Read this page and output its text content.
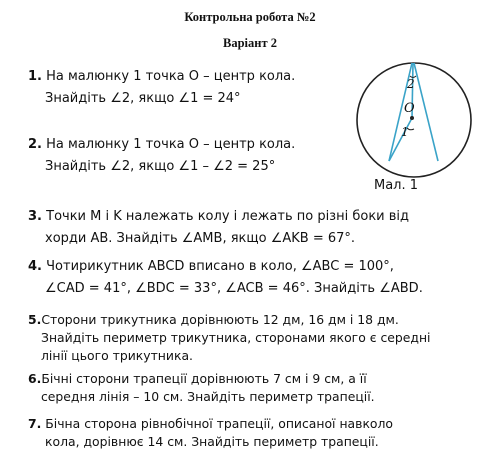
Контрольна робота №2
Варіант 2
1. На малюнку 1 точка O – центр кола.
Знайдіть ∠2, якщо ∠1 = 24°
2. На малюнку 1 точка O – центр кола.
Знайдіть ∠2, якщо ∠1 – ∠2 = 25°
3. Точки M і K належать колу і лежать по різні боки від
хорди AB. Знайдіть ∠AMB, якщо ∠AKB = 67°.
4. Чотирикутник ABCD вписано в коло, ∠ABC = 100°,
∠CAD = 41°, ∠BDC = 33°, ∠ACB = 46°. Знайдіть ∠ABD.
5.Сторони трикутника дорівнюють 12 дм, 16 дм і 18 дм.
Знайдіть периметр трикутника, сторонами якого є середні
лінії цього трикутника.
6.Бічні сторони трапеції дорівнюють 7 см і 9 см, а її
середня лінія – 10 см. Знайдіть периметр трапеції.
7. Бічна сторона рівнобічної трапеції, описаної навколо
кола, дорівнює 14 см. Знайдіть периметр трапеції.
2
O
1
Мал. 1
